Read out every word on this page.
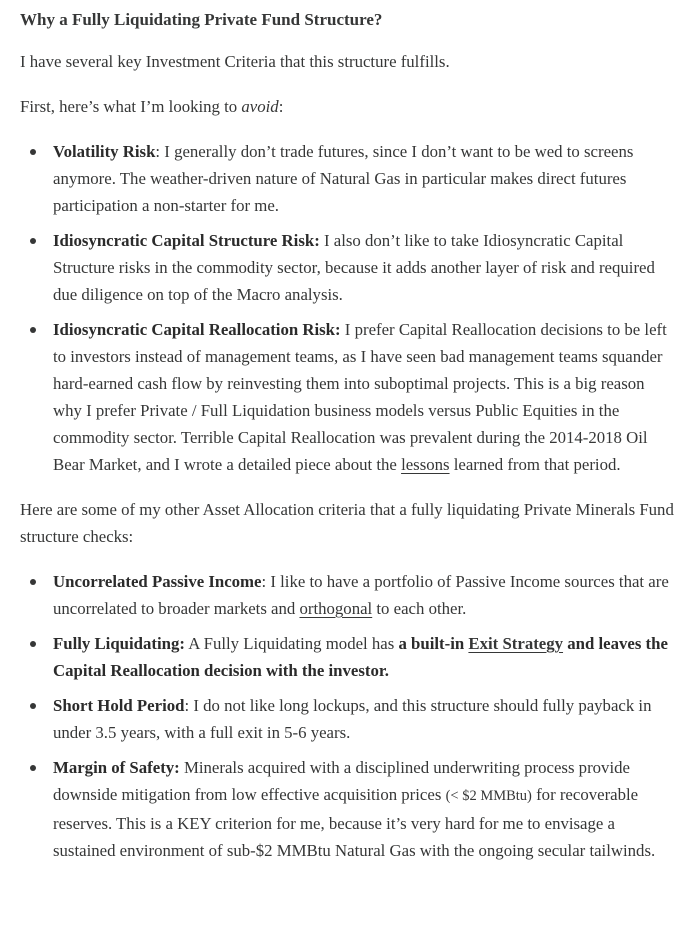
Why a Fully Liquidating Private Fund Structure?

I have several key Investment Criteria that this structure fulfills.

First, here’s what I’m looking to avoid:

Volatility Risk: I generally don’t trade futures, since I don’t want to be wed to screens anymore. The weather-driven nature of Natural Gas in particular makes direct futures participation a non-starter for me.
Idiosyncratic Capital Structure Risk: I also don’t like to take Idiosyncratic Capital Structure risks in the commodity sector, because it adds another layer of risk and required due diligence on top of the Macro analysis.
Idiosyncratic Capital Reallocation Risk: I prefer Capital Reallocation decisions to be left to investors instead of management teams, as I have seen bad management teams squander hard-earned cash flow by reinvesting them into suboptimal projects. This is a big reason why I prefer Private / Full Liquidation business models versus Public Equities in the commodity sector. Terrible Capital Reallocation was prevalent during the 2014-2018 Oil Bear Market, and I wrote a detailed piece about the lessons learned from that period.

Here are some of my other Asset Allocation criteria that a fully liquidating Private Minerals Fund structure checks:

Uncorrelated Passive Income: I like to have a portfolio of Passive Income sources that are uncorrelated to broader markets and orthogonal to each other.
Fully Liquidating: A Fully Liquidating model has a built-in Exit Strategy and leaves the Capital Reallocation decision with the investor.
Short Hold Period: I do not like long lockups, and this structure should fully payback in under 3.5 years, with a full exit in 5-6 years.
Margin of Safety: Minerals acquired with a disciplined underwriting process provide downside mitigation from low effective acquisition prices (< $2 MMBtu) for recoverable reserves. This is a KEY criterion for me, because it’s very hard for me to envisage a sustained environment of sub-$2 MMBtu Natural Gas with the ongoing secular tailwinds.
